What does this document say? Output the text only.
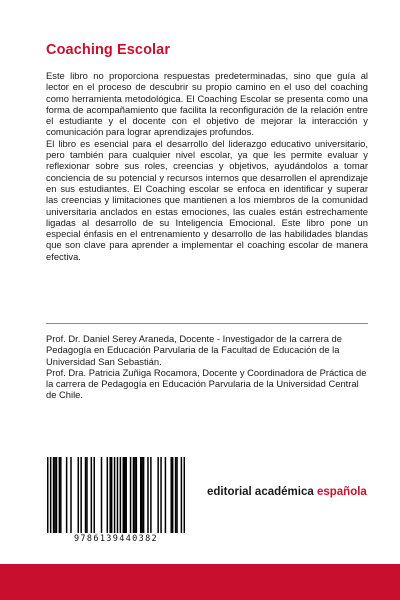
Coaching Escolar

Este libro no proporciona respuestas predeterminadas, sino que guía al lector en el proceso de descubrir su propio camino en el uso del coaching como herramienta metodológica. El Coaching Escolar se presenta como una forma de acompañamiento que facilita la reconfiguración de la relación entre el estudiante y el docente con el objetivo de mejorar la interacción y comunicación para lograr aprendizajes profundos.

El libro es esencial para el desarrollo del liderazgo educativo universitario, pero también para cualquier nivel escolar, ya que les permite evaluar y reflexionar sobre sus roles, creencias y objetivos, ayudándolos a tomar conciencia de su potencial y recursos internos que desarrollen el aprendizaje en sus estudiantes. El Coaching escolar se enfoca en identificar y superar las creencias y limitaciones que mantienen a los miembros de la comunidad universitaria anclados en estas emociones, las cuales están estrechamente ligadas al desarrollo de su Inteligencia Emocional. Este libro pone un especial énfasis en el entrenamiento y desarrollo de las habilidades blandas que son clave para aprender a implementar el coaching escolar de manera efectiva.

Prof. Dr. Daniel Serey Araneda, Docente - Investigador de la carrera de Pedagogía en Educación Parvularia de la Facultad de Educación de la Universidad San Sebastián.

Prof. Dra. Patricia Zuñiga Rocamora, Docente y Coordinadora de Práctica de la carrera de Pedagogía en Educación Parvularia de la Universidad Central de Chile.

9786139440382
editorial académica española
